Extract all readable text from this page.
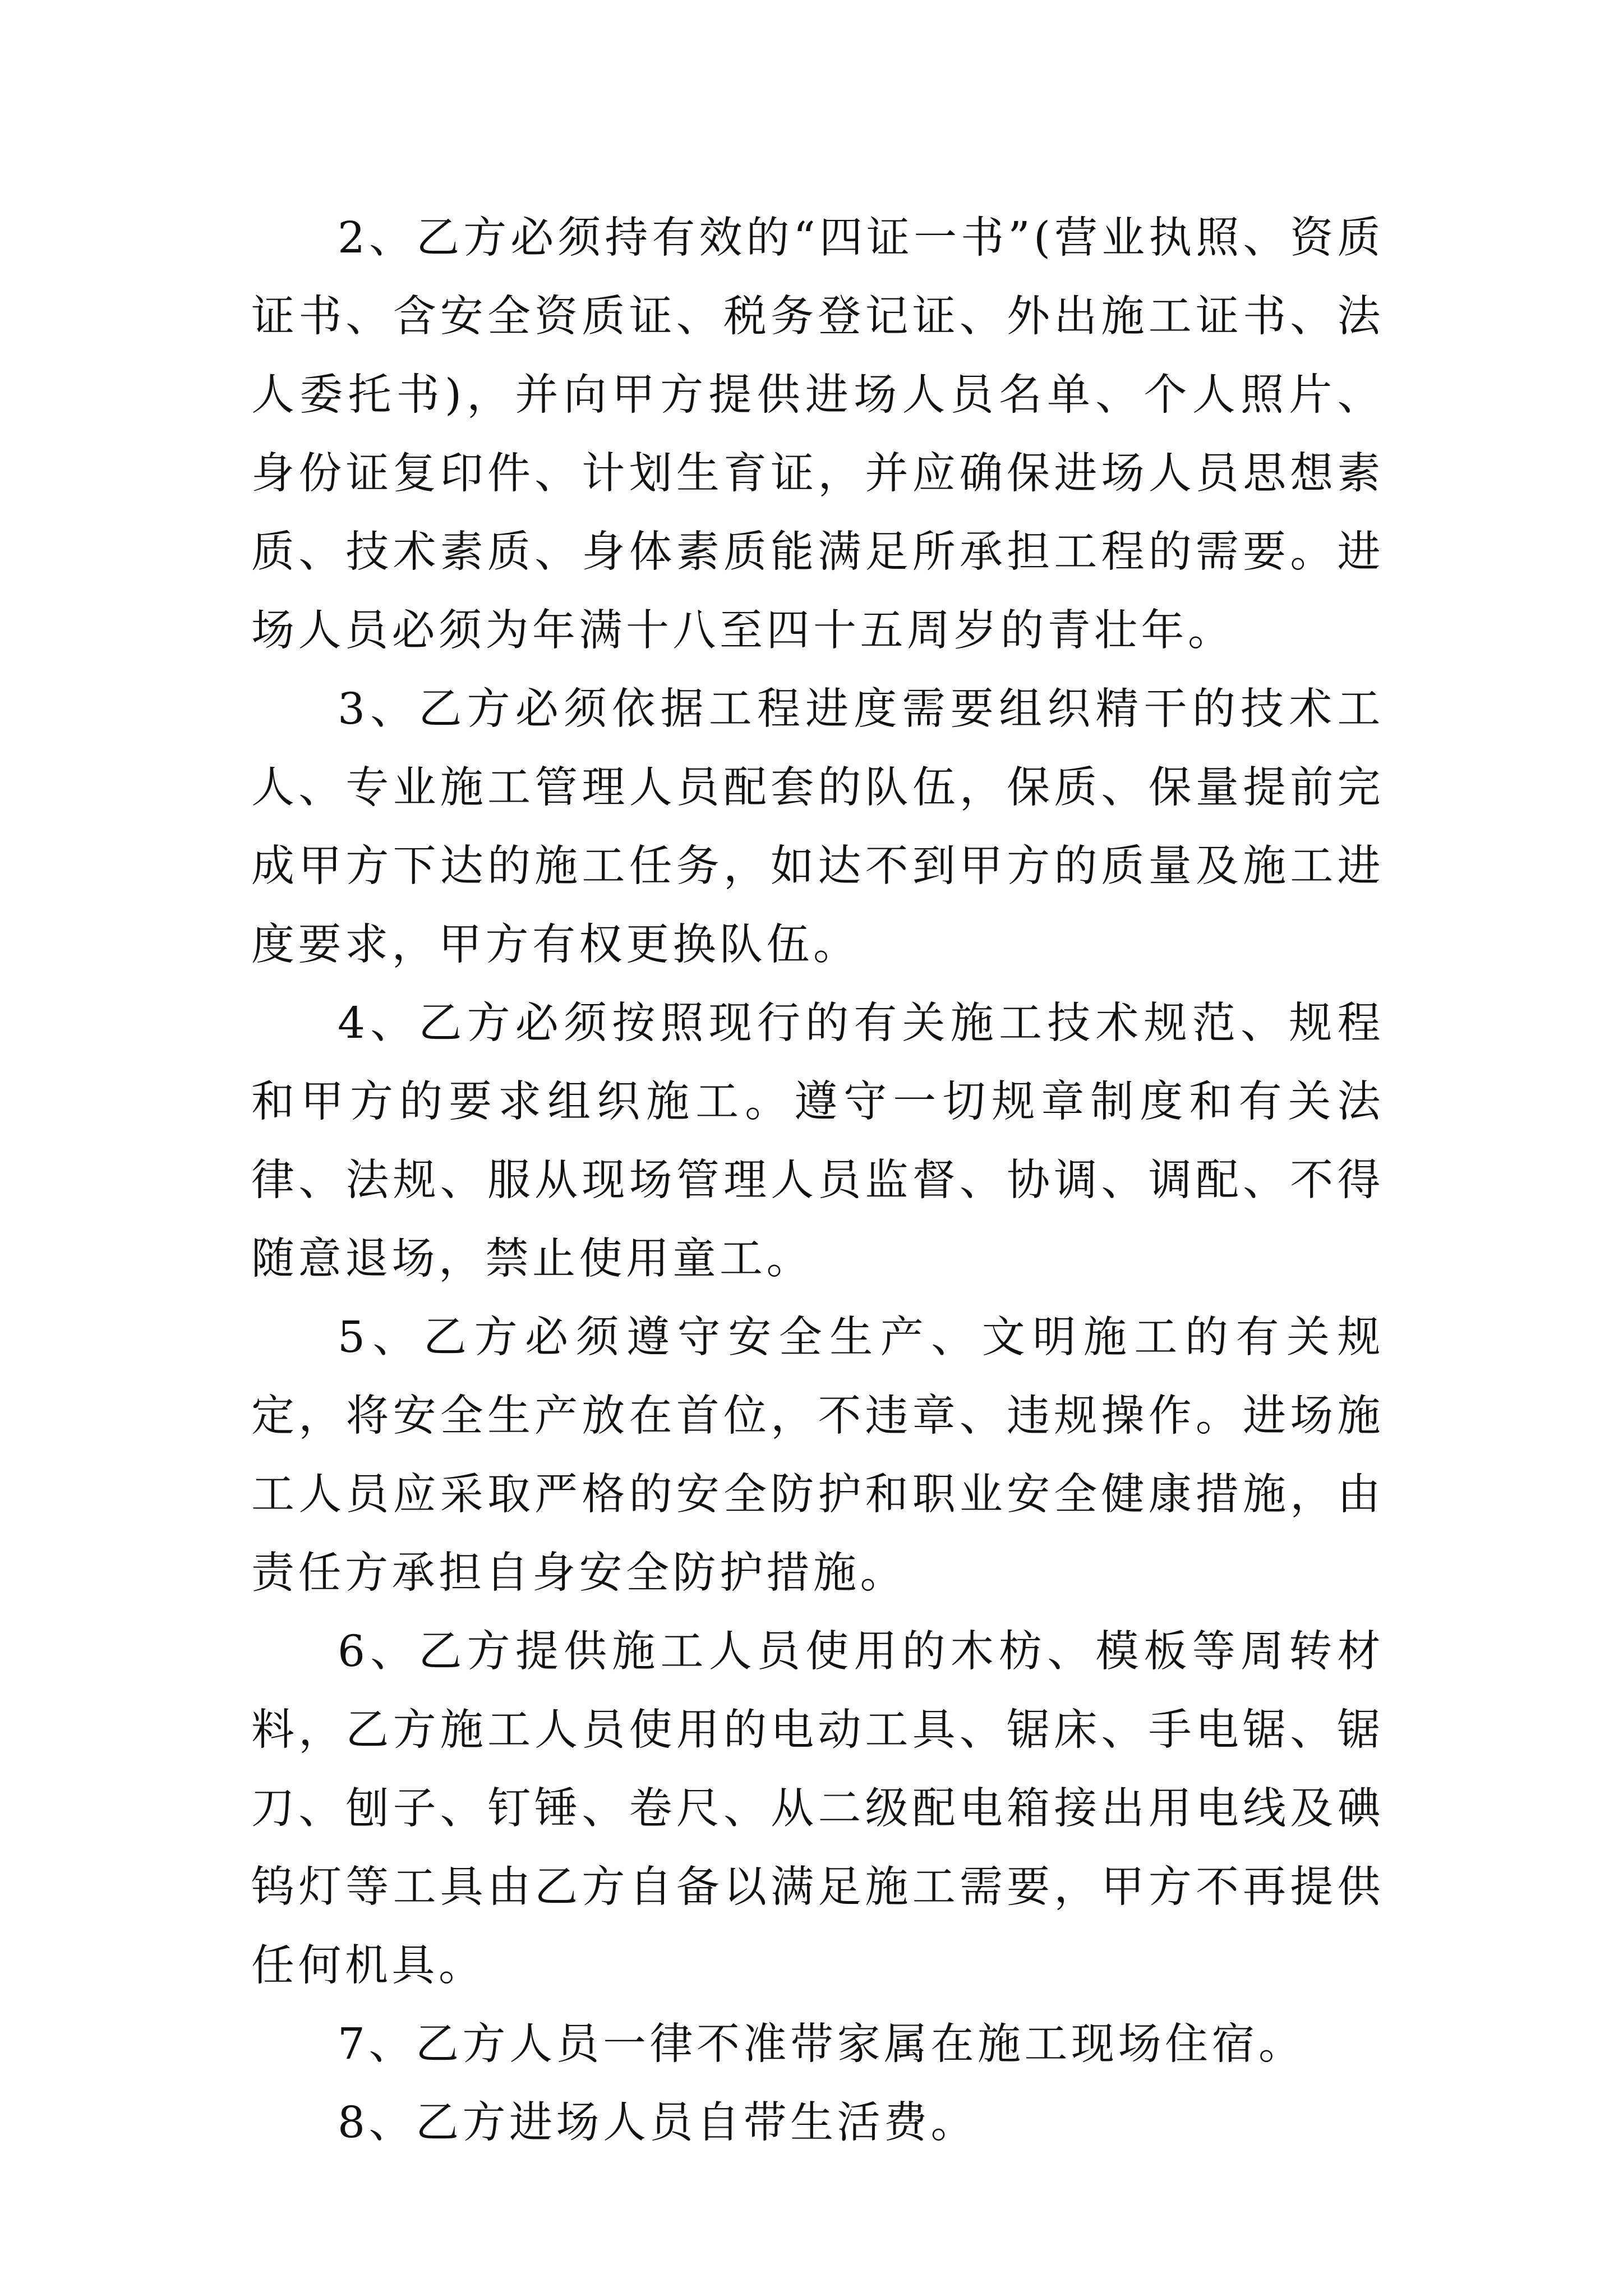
2、乙方必须持有效的“四证一书”(营业执照、资质证书、含安全资质证、税务登记证、外出施工证书、法人委托书)，并向甲方提供进场人员名单、个人照片、身份证复印件、计划生育证，并应确保进场人员思想素质、技术素质、身体素质能满足所承担工程的需要。进场人员必须为年满十八至四十五周岁的青壮年。

3、乙方必须依据工程进度需要组织精干的技术工人、专业施工管理人员配套的队伍，保质、保量提前完成甲方下达的施工任务，如达不到甲方的质量及施工进度要求，甲方有权更换队伍。

4、乙方必须按照现行的有关施工技术规范、规程和甲方的要求组织施工。遵守一切规章制度和有关法律、法规、服从现场管理人员监督、协调、调配、不得随意退场，禁止使用童工。

5、乙方必须遵守安全生产、文明施工的有关规定，将安全生产放在首位，不违章、违规操作。进场施工人员应采取严格的安全防护和职业安全健康措施，由责任方承担自身安全防护措施。

6、乙方提供施工人员使用的木枋、模板等周转材料，乙方施工人员使用的电动工具、锯床、手电锯、锯刀、刨子、钉锤、卷尺、从二级配电箱接出用电线及碘钨灯等工具由乙方自备以满足施工需要，甲方不再提供任何机具。

7、乙方人员一律不准带家属在施工现场住宿。

8、乙方进场人员自带生活费。
